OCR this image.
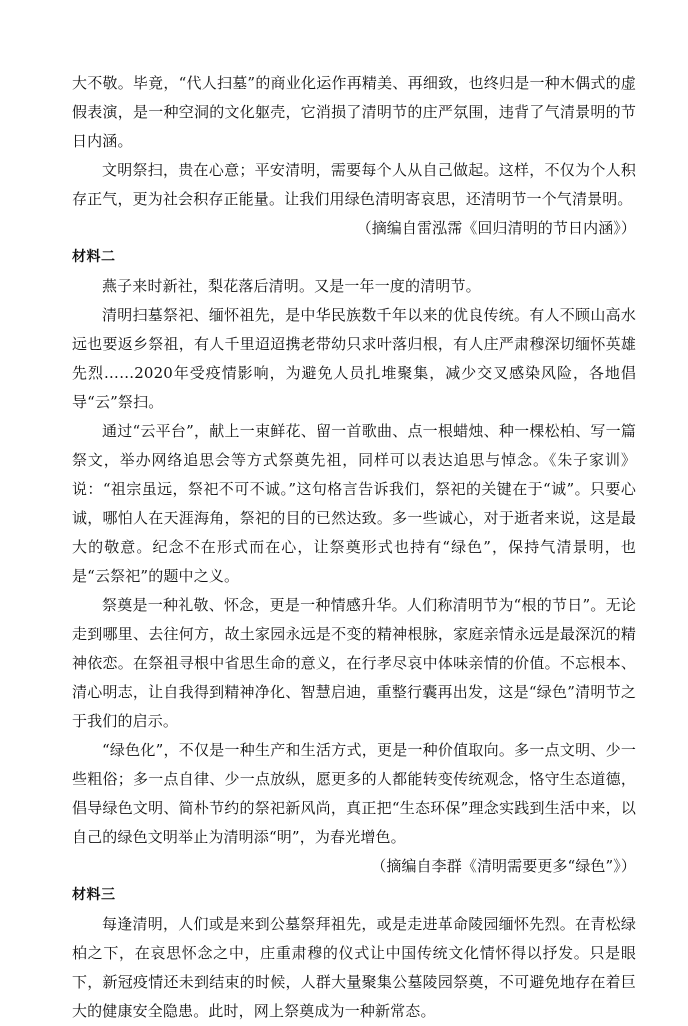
大不敬。毕竟，“代人扫墓”的商业化运作再精美、再细致，也终归是一种木偶式的虚假表演，是一种空洞的文化躯壳，它消损了清明节的庄严氛围，违背了气清景明的节日内涵。

文明祭扫，贵在心意；平安清明，需要每个人从自己做起。这样，不仅为个人积存正气，更为社会积存正能量。让我们用绿色清明寄哀思，还清明节一个气清景明。

（摘编自雷泓霈《回归清明的节日内涵》）

材料二

燕子来时新社，梨花落后清明。又是一年一度的清明节。

清明扫墓祭祀、缅怀祖先，是中华民族数千年以来的优良传统。有人不顾山高水远也要返乡祭祖，有人千里迢迢携老带幼只求叶落归根，有人庄严肃穆深切缅怀英雄先烈……2020年受疫情影响，为避免人员扎堆聚集，减少交叉感染风险，各地倡导“云”祭扫。

通过“云平台”，献上一束鲜花、留一首歌曲、点一根蜡烛、种一棵松柏、写一篇祭文，举办网络追思会等方式祭奠先祖，同样可以表达追思与悼念。《朱子家训》说：“祖宗虽远，祭祀不可不诚。”这句格言告诉我们，祭祀的关键在于“诚”。只要心诚，哪怕人在天涯海角，祭祀的目的已然达致。多一些诚心，对于逝者来说，这是最大的敬意。纪念不在形式而在心，让祭奠形式也持有“绿色”，保持气清景明，也是“云祭祀”的题中之义。

祭奠是一种礼敬、怀念，更是一种情感升华。人们称清明节为“根的节日”。无论走到哪里、去往何方，故土家园永远是不变的精神根脉，家庭亲情永远是最深沉的精神依恋。在祭祖寻根中省思生命的意义，在行孝尽哀中体味亲情的价值。不忘根本、清心明志，让自我得到精神净化、智慧启迪，重整行囊再出发，这是“绿色”清明节之于我们的启示。

“绿色化”，不仅是一种生产和生活方式，更是一种价值取向。多一点文明、少一些粗俗；多一点自律、少一点放纵，愿更多的人都能转变传统观念，恪守生态道德，倡导绿色文明、简朴节约的祭祀新风尚，真正把“生态环保”理念实践到生活中来，以自己的绿色文明举止为清明添“明”，为春光增色。

（摘编自李群《清明需要更多“绿色”》）

材料三

每逢清明，人们或是来到公墓祭拜祖先，或是走进革命陵园缅怀先烈。在青松绿柏之下，在哀思怀念之中，庄重肃穆的仪式让中国传统文化情怀得以抒发。只是眼下，新冠疫情还未到结束的时候，人群大量聚集公墓陵园祭奠，不可避免地存在着巨大的健康安全隐患。此时，网上祭奠成为一种新常态。
